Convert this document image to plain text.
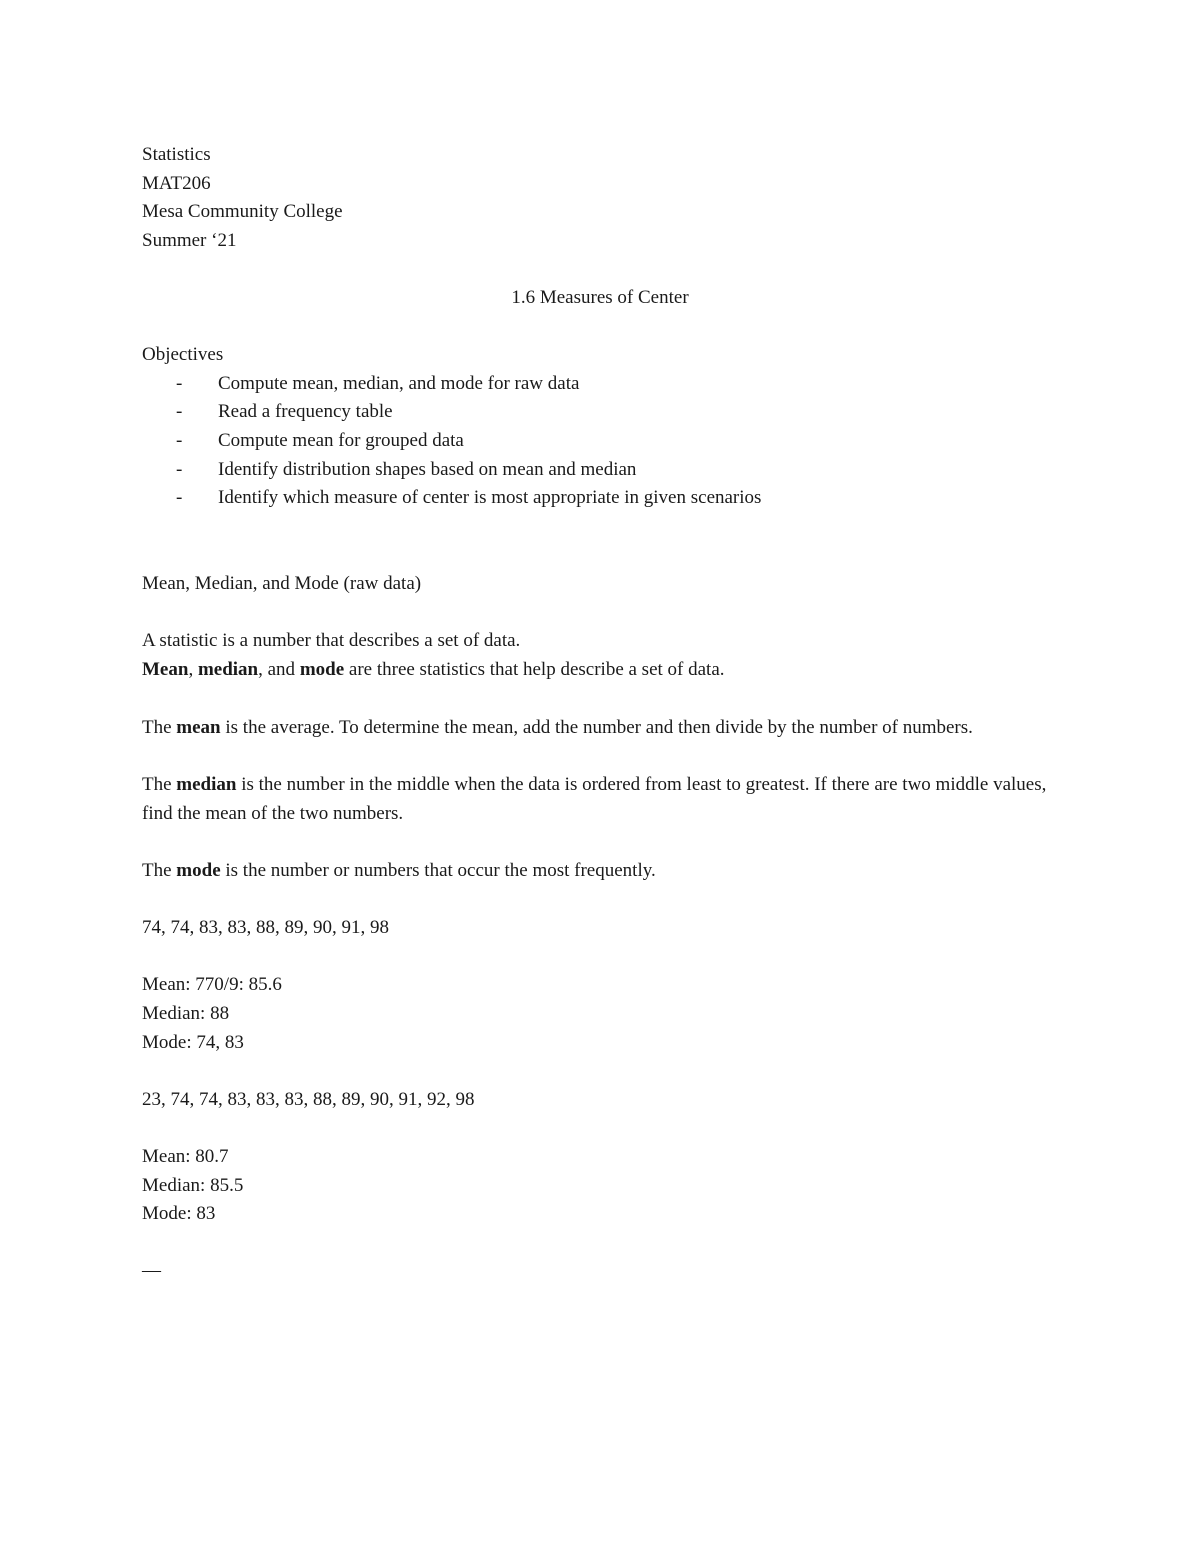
Statistics
MAT206
Mesa Community College
Summer ‘21
1.6 Measures of Center
Objectives
- Compute mean, median, and mode for raw data
- Read a frequency table
- Compute mean for grouped data
- Identify distribution shapes based on mean and median
- Identify which measure of center is most appropriate in given scenarios
Mean, Median, and Mode (raw data)
A statistic is a number that describes a set of data.
Mean, median, and mode are three statistics that help describe a set of data.
The mean is the average. To determine the mean, add the number and then divide by the number of numbers.
The median is the number in the middle when the data is ordered from least to greatest. If there are two middle values, find the mean of the two numbers.
The mode is the number or numbers that occur the most frequently.
74, 74, 83, 83, 88, 89, 90, 91, 98
Mean: 770/9: 85.6
Median: 88
Mode: 74, 83
23, 74, 74, 83, 83, 83, 88, 89, 90, 91, 92, 98
Mean: 80.7
Median: 85.5
Mode: 83
—
